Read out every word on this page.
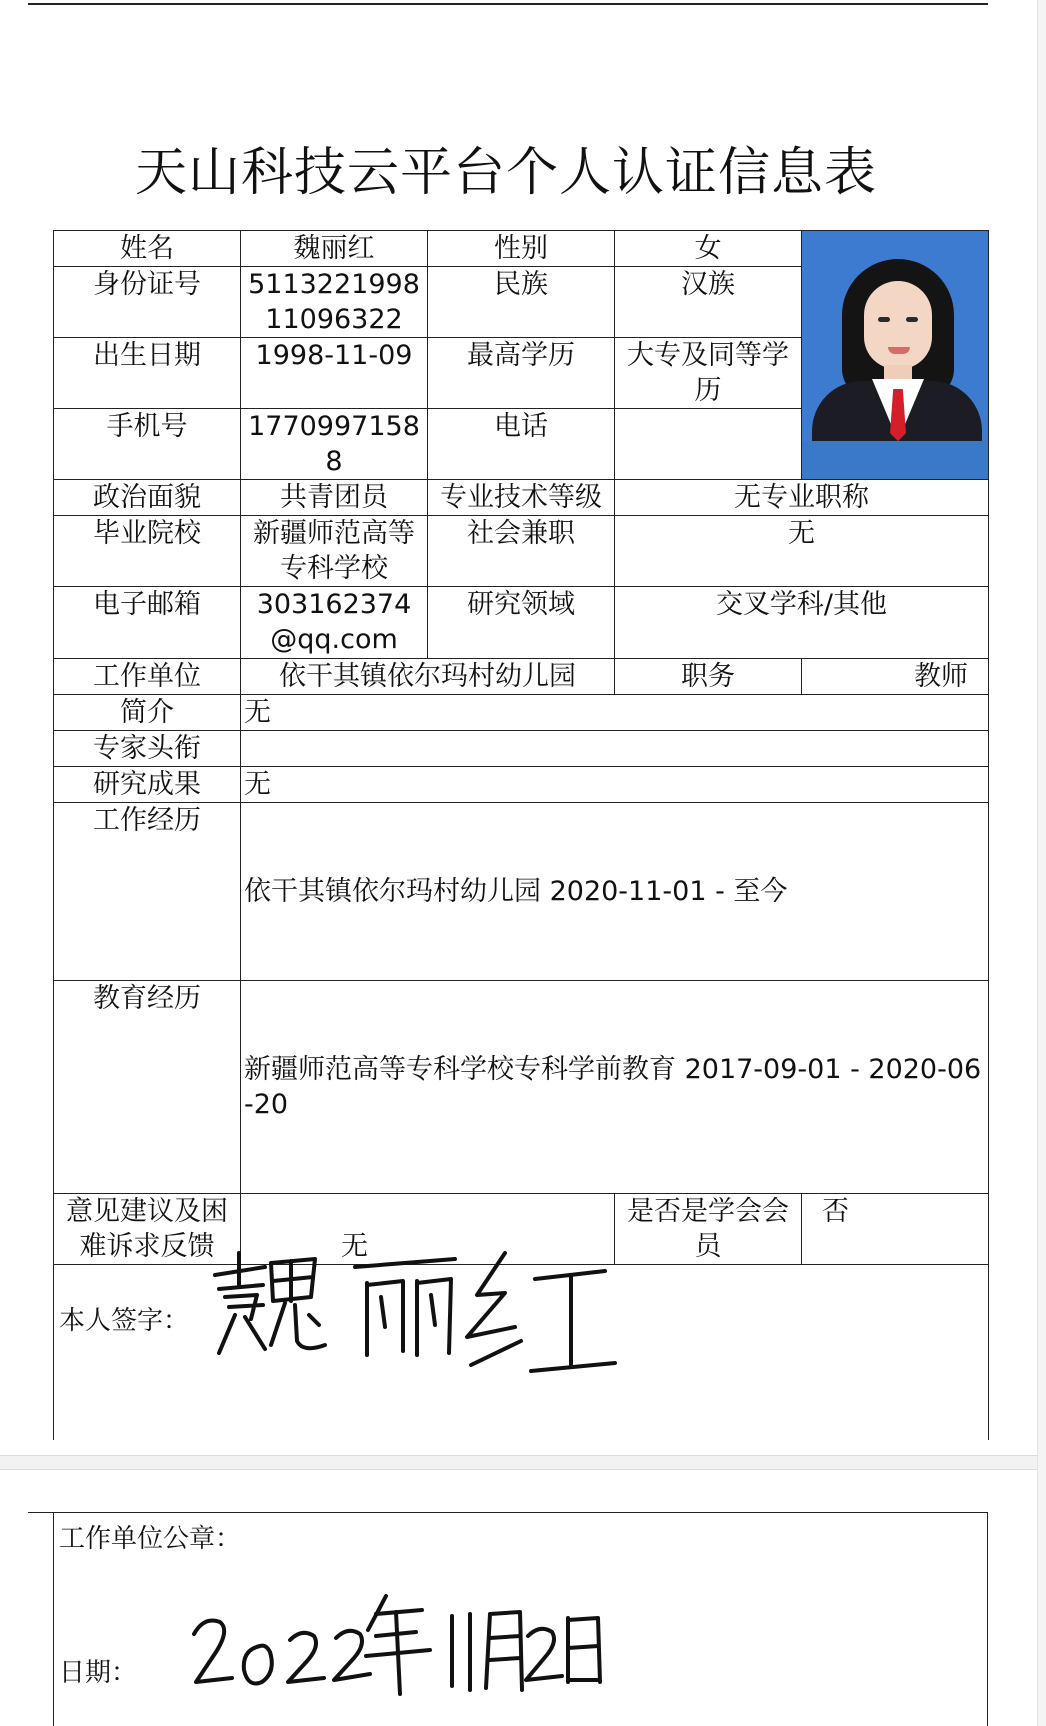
天山科技云平台个人认证信息表
姓名	魏丽红	性别	女	

身份证号	511322199811096322	民族	汉族	
出生日期	1998-11-09	最高学历	大专及同等学历	
手机号	17709971588	电话		
政治面貌	共青团员	专业技术等级	无专业职称	
毕业院校	新疆师范高等专科学校	社会兼职	无	
电子邮箱	303162374@qq.com	研究领域	交叉学科/其他	
工作单位	依干其镇依尔玛村幼儿园		职务	教师
简介	无			
专家头衔				
研究成果	无			
工作经历	依干其镇依尔玛村幼儿园 2020-11-01 - 至今			
教育经历	新疆师范高等专科学校专科学前教育 2017-09-01 - 2020-06-20			
意见建议及困难诉求反馈	无		是否是学会会员	否

本人签字：
工作单位公章：
日期：
